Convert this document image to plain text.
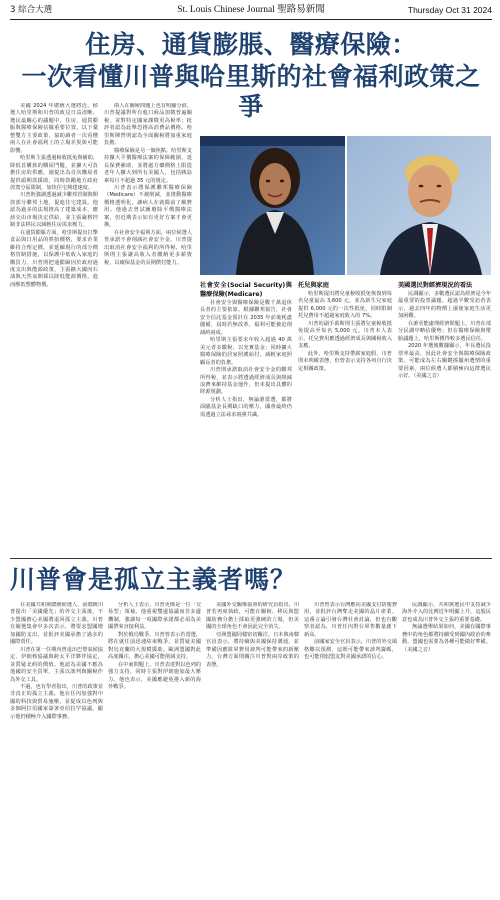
3 綜合大選	St. Louis Chinese Journal 聖路易新聞	Thursday Oct 31 2024
住房、通貨膨脹、醫療保險：
一次看懂川普與哈里斯的社會福利政策之爭

美國 2024 年總統大選將近，候選人哈里斯和川普的政見日益清晰。選民最關心的議題中，住房、通貨膨脹與醫療保險佔據重要位置。以下彙整雙方主要政策，協助讀者一次看懂兩人在社會福利上的立場差異與可能影響。

哈里斯主張透過稅收抵免與補助，降低首購族的購屋門檻，並擴大可負擔住房的供應。她提出為首次購屋者提供頭期款援助，同時鼓勵地方政府放寬分區限制，加快住宅興建速度。

川普則強調透過減少聯邦管制與開放部分聯邦土地，促進住宅建設。他認為過多的法規推高了建築成本，應該交由市場決定供給，並主張嚴格控制非法移民以減輕住房需求壓力。

在通貨膨脹方面，哈里斯提出打擊食品與日用品的哄抬價格，要求企業維持合理定價，並延續現行的部分價格管制措施，以保護中低收入家庭的購買力。川普則把通膨歸因於政府過度支出與能源政策，主張擴大國內石油與天然氣開採以降低能源價格，進而壓低整體物價。

兩人在關稅問題上也有明顯分歧。川普提議對所有進口商品加徵普遍關稅，並對特定國家課徵更高稅率；批評者認為此舉恐推高消費品價格。哈里斯陣營則認為全面關稅將加重家庭負擔。

醫療保險是另一個焦點。哈里斯支持擴大平價醫療法案的保障範圍，延長保費補助，並將處方藥價格上限從老年人擴大到所有美國人，包括胰島素每月不超過 35 元的規定。

川普表示將保護聯邦醫療保險（Medicare）不被削減，並推動醫療價格透明化，讓病人在就醫前了解費用。他過去曾試圖廢除平價醫療法案，但近期表示如有更好方案才會更換。

在社會安全福利方面，兩位候選人皆承諾不會削減社會安全金。川普提出取消社會安全福利的所得稅，哈里斯則主張讓高收入者繳納更多薪資稅，以確保基金的長期償付能力。

社會安全(Social Security)與醫療保險(Medicare)

社會安全與醫療保險是數千萬退休長者的主要依靠。根據聯邦報告，社會安全信託基金預計在 2035 年前後耗盡儲備，屆時若無改革，福利可能被迫削減約兩成。

哈里斯主張要求年收入超過 40 萬美元者多繳稅，以充實基金；同時擴大醫療保險的居家照護給付，減輕家庭照顧長者的負擔。

川普則承諾取消社會安全金的聯邦所得稅，並表示將透過經濟成長與削減浪費來維持基金運作，但未提出具體的財源規劃。

分析人士指出，無論誰當選，都將面臨基金長期缺口的壓力，國會最終仍需透過立法尋求兩黨共識。

托兒與家庭

哈里斯提出將兒童稅收抵免恢復到每名兒童最高 3,600 元，並為新生兒家庭提供 6,000 元的一次性抵免，同時限制托兒費用不超過家庭收入的 7%。

川普的副手萬斯則主張將兒童稅收抵免提高至每名 5,000 元。川普本人表示，托兒費用應透過經濟成長與關稅收入支應。

此外，哈里斯支持帶薪家庭假，川普則未明確表態，但曾表示支持各州自行決定相關政策。

美國選民對經濟現況的看法

民調顯示，多數選民認為經濟是今年最重要的投票議題。超過半數受訪者表示，過去四年的物價上漲使家庭生活更加困難。

在誰更能處理經濟問題上，川普在部分民調中略佔優勢；但在醫療保險與墮胎議題上，哈里斯獲得較多選民信任。

2020 年選後數據顯示，年長選民投票率最高，因此社會安全與醫療保險政策，可能成為左右關鍵搖擺州選情的重要因素。兩位候選人都積極向這群選民示好。（美國之音）

川普會是孤立主義者嗎？

在美國共和黨總統候選人、前總統川普提出「美國優先」的外交主張後，不少盟國擔心美國將退回孤立主義。川普在競選集會中多次表示，將要求盟國增加國防支出，並批評美國承擔了過多的國際責任。

川普在第一任期內曾退出巴黎氣候協定、伊朗核協議與跨太平洋夥伴協定，並質疑北約的價值。他認為美國不應為他國的安全買單，主張以談判與關稅作為外交工具。

不過，也有學者指出，川普的政策並非真正的孤立主義。他在任內加強對中國的科技與貿易施壓，並促成以色列與多個阿拉伯國家簽署亞伯拉罕協議，顯示他仍積極介入國際事務。

分析人士表示，川普更像是一位「交易型」領袖，他重視雙邊協議而非多邊機制，強調每一項國際承諾都必須為美國帶來直接利益。

對於俄烏戰爭，川普曾表示若當選，將在就任前迅速結束戰爭，並質疑美國對烏克蘭的大規模援助。歐洲盟國對此高度關注，擔心美國可能削減支持。

在中東問題上，川普表達對以色列的強力支持，同時主張對伊朗施加最大壓力。他也表示，美國應避免捲入新的海外戰爭。

美國外交關係協會的研究員指出，川普若再度執政，可能在關稅、移民與盟國防務分擔上採取更強硬的立場，但美國的全球角色不會因此完全消失。

亞洲盟國同樣密切關注。日本與南韓官員表示，將持續與美國保持溝通，並準備因應駐軍費用談判可能帶來的新壓力。台灣方面則關注川普對兩岸政策的表態。

川普曾表示台灣應向美國支付防衛費用，並批評台灣奪走美國的晶片產業。這番言論引發台灣社會討論，但也有觀察者認為，川普任內對台軍售數量創下新高。

前國家安全官員表示，川普的外交風格難以預測，這既可能帶來談判籌碼，也可能削弱盟友對美國承諾的信心。

民調顯示，共和黨選民中支持減少海外介入的比例近年明顯上升，這股民意也成為川普外交主張的重要基礎。

無論選舉結果如何，美國在國際事務中的角色都將持續受到國內政治的牽動，盟國也需要為各種可能做好準備。（美國之音）
